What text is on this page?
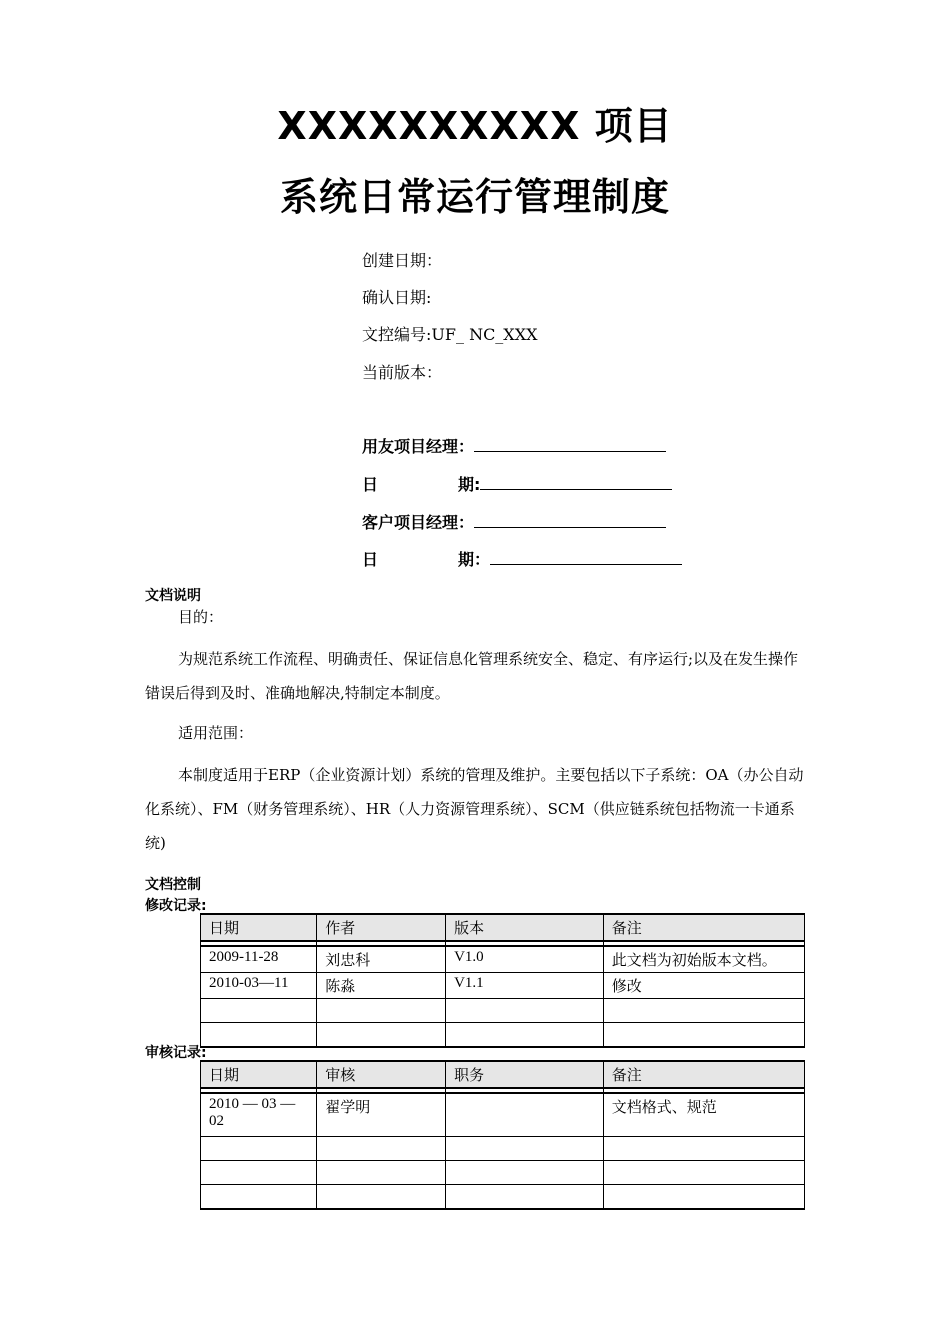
XXXXXXXXXX 项目
系统日常运行管理制度
创建日期：
确认日期:
文控编号:UF_ NC_XXX
当前版本：
用友项目经理：
日	期:
客户项目经理：
日	期：
文档说明
目的：
为规范系统工作流程、明确责任、保证信息化管理系统安全、稳定、有序运行;以及在发生操作错误后得到及时、准确地解决,特制定本制度。
适用范围：
本制度适用于ERP（企业资源计划）系统的管理及维护。主要包括以下子系统：OA（办公自动化系统）、FM（财务管理系统）、HR（人力资源管理系统）、SCM（供应链系统包括物流一卡通系统)
文档控制
修改记录:
日期	作者	版本	备注

2009-11-28	刘忠科	V1.0	此文档为初始版本文档。
2010-03—11	陈淼	V1.1	修改

审核记录:
日期	审核	职务	备注

2010 — 03 — 02	翟学明		文档格式、规范
